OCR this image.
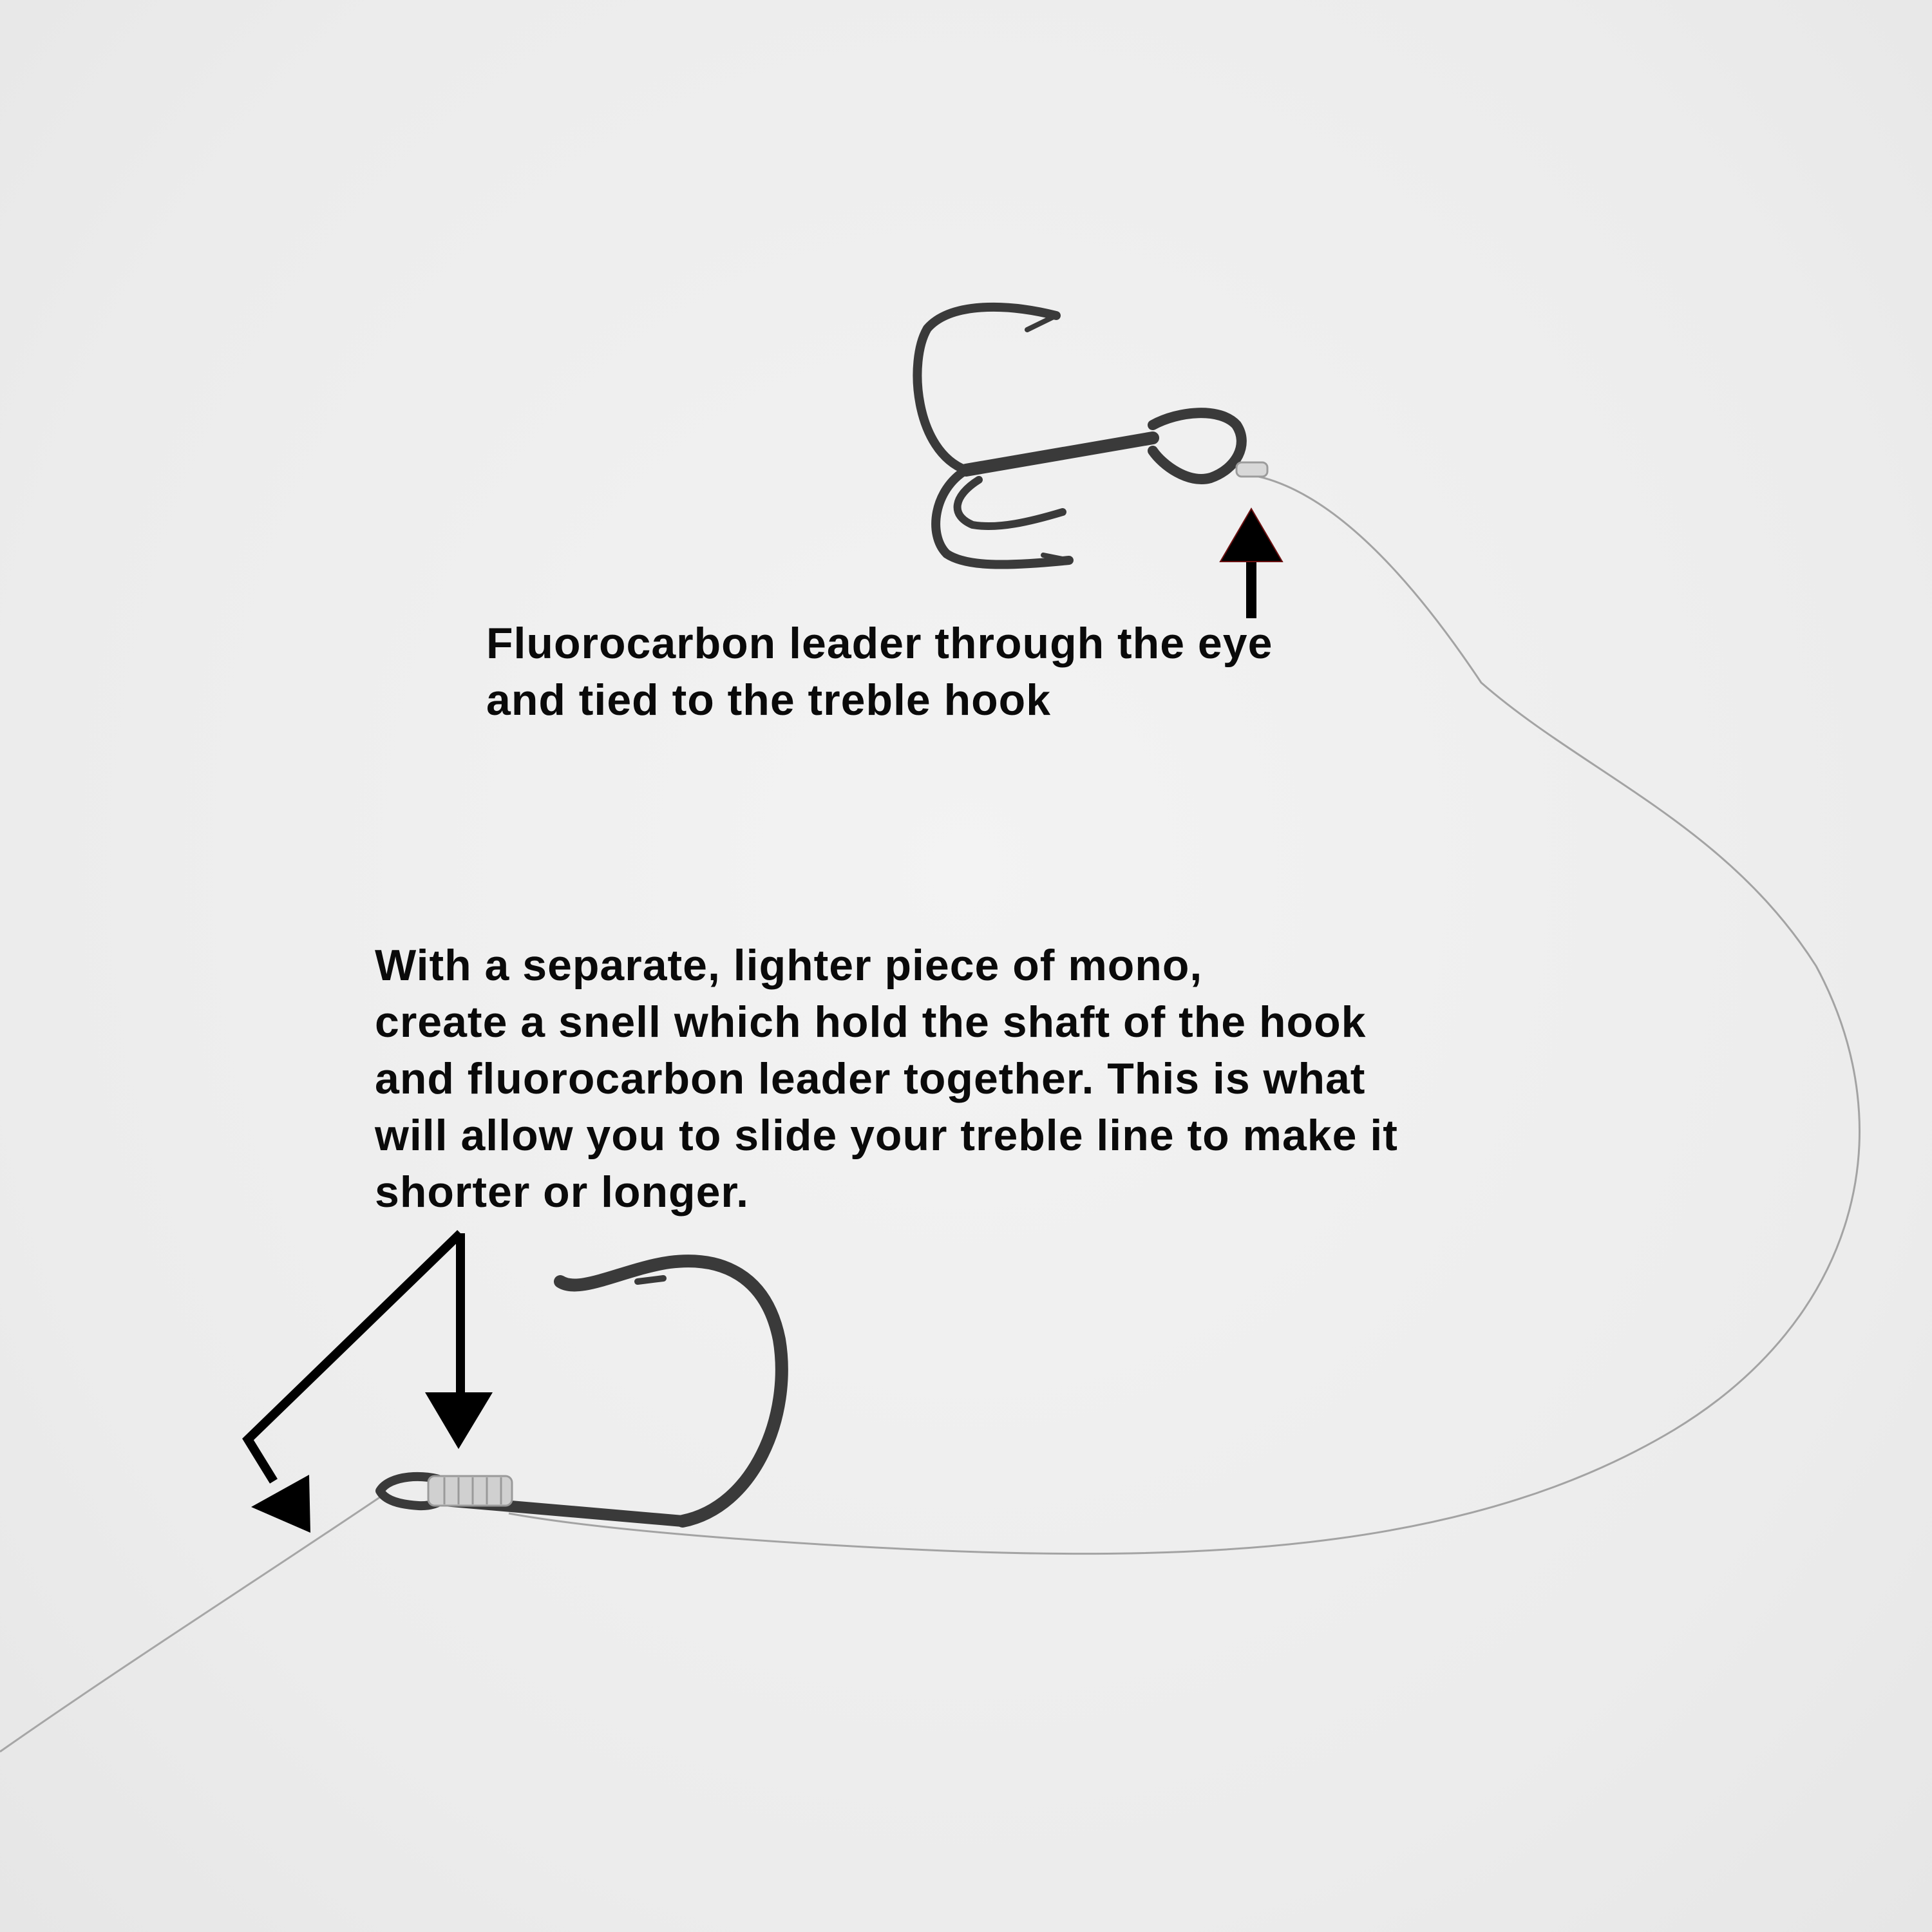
Fluorocarbon leader through the eye
and tied to the treble hook

With a separate, lighter piece of mono,
create a snell which hold the shaft of the hook
and fluorocarbon leader together. This is what
will allow you to slide your treble line to make it
shorter or longer.
